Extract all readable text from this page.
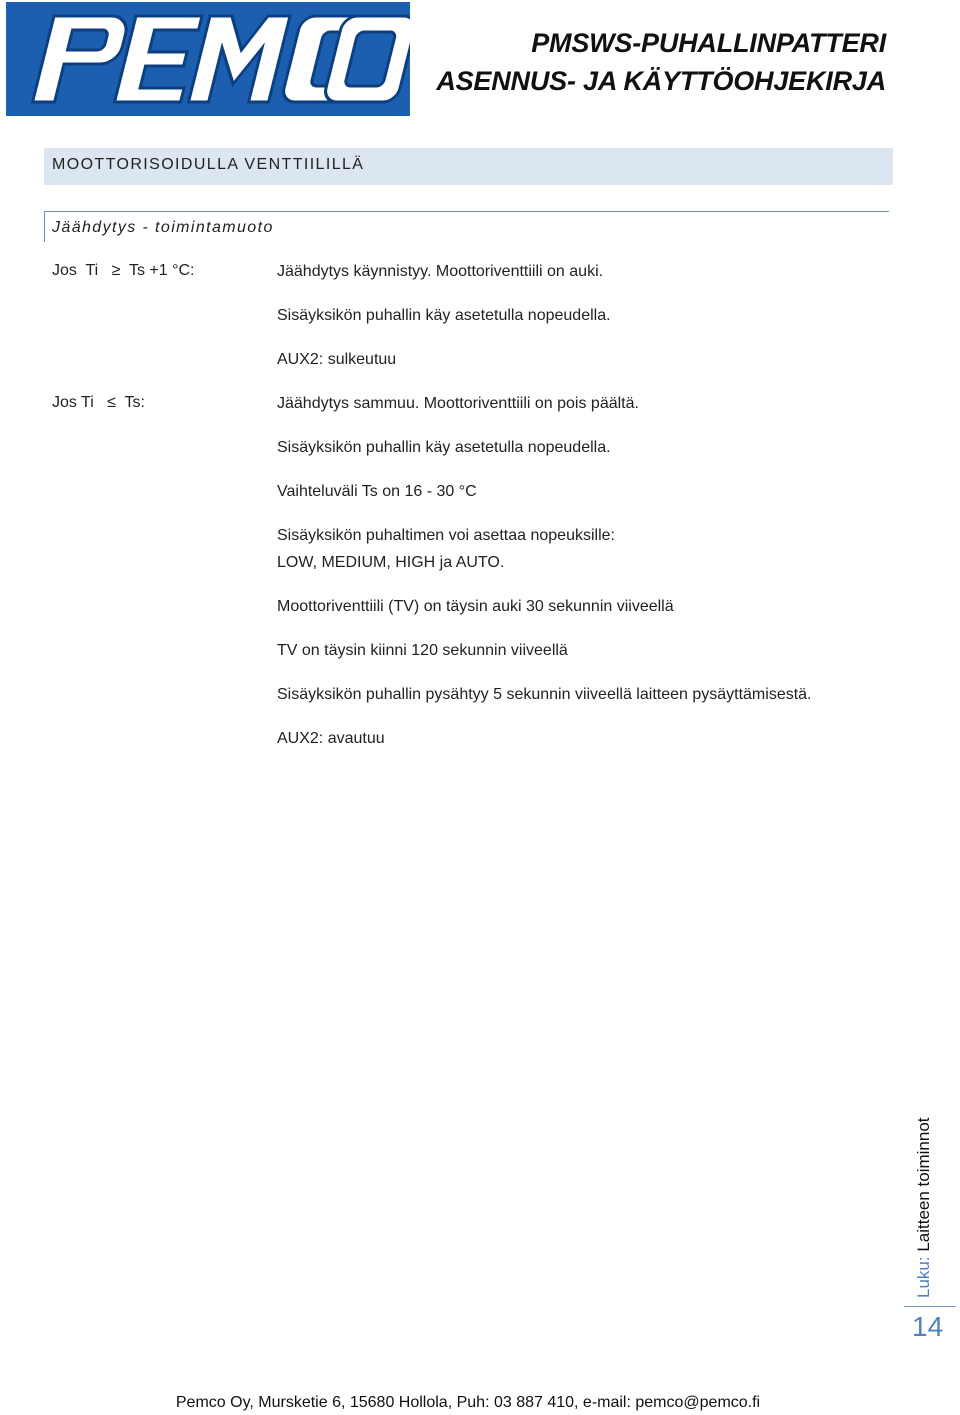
PMSWS-PUHALLINPATTERI
ASENNUS- JA KÄYTTÖOHJEKIRJA
MOOTTORISOIDULLA VENTTIILILLÄ
Jäähdytys - toimintamuoto
Jos  Ti   ≥  Ts +1 °C:	Jäähdytys käynnistyy. Moottoriventtiili on auki.
Sisäyksikön puhallin käy asetetulla nopeudella.
AUX2: sulkeutuu
Jos Ti   ≤  Ts:	Jäähdytys sammuu. Moottoriventtiili on pois päältä.
Sisäyksikön puhallin käy asetetulla nopeudella.
Vaihteluväli Ts on 16 - 30 °C
Sisäyksikön puhaltimen voi asettaa nopeuksille:
LOW, MEDIUM, HIGH ja AUTO.
Moottoriventtiili (TV) on täysin auki 30 sekunnin viiveellä
TV on täysin kiinni 120 sekunnin viiveellä
Sisäyksikön puhallin pysähtyy 5 sekunnin viiveellä laitteen pysäyttämisestä.
AUX2: avautuu
Luku: Laitteen toiminnot
14
Pemco Oy, Mursketie 6, 15680 Hollola, Puh: 03 887 410, e-mail: pemco@pemco.fi
